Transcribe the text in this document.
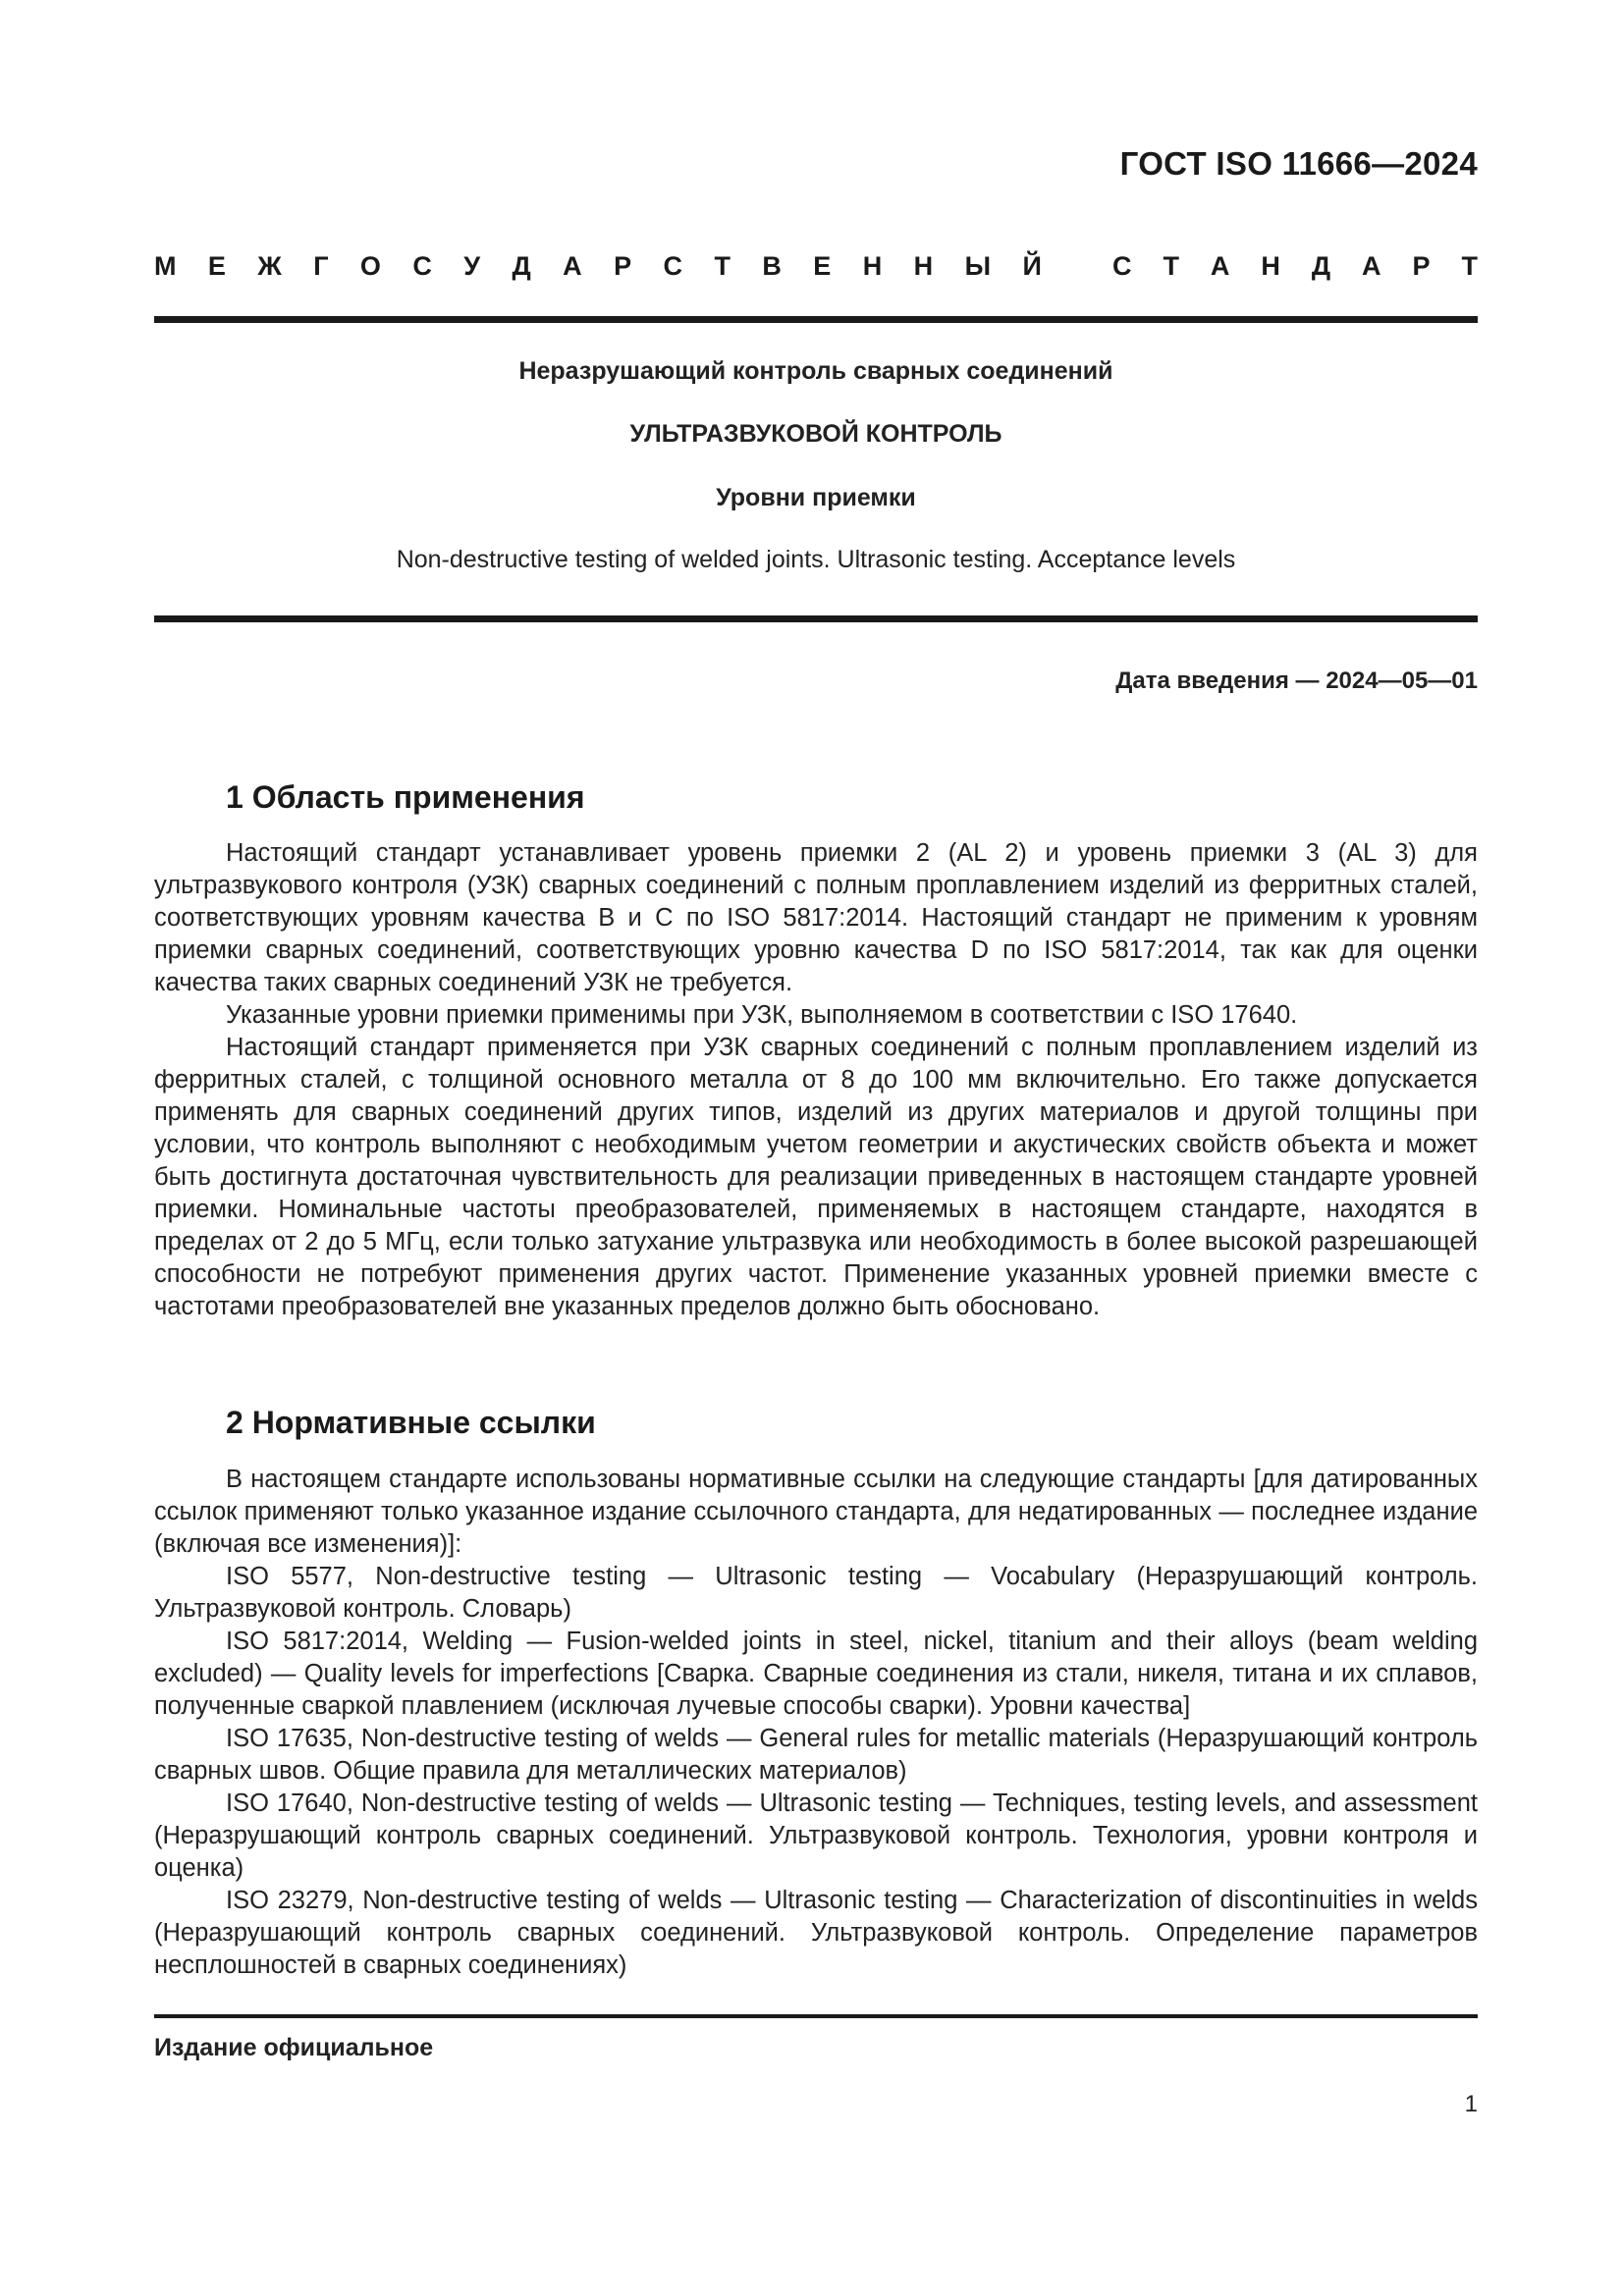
ГОСТ ISO 11666—2024
М Е Ж Г О С У Д А Р С Т В Е Н Н Ы Й	С Т А Н Д А Р Т
Неразрушающий контроль сварных соединений
УЛЬТРАЗВУКОВОЙ КОНТРОЛЬ
Уровни приемки
Non-destructive testing of welded joints. Ultrasonic testing. Acceptance levels
Дата введения — 2024—05—01
1 Область применения

Настоящий стандарт устанавливает уровень приемки 2 (AL 2) и уровень приемки 3 (AL 3) для ультразвукового контроля (УЗК) сварных соединений с полным проплавлением изделий из ферритных сталей, соответствующих уровням качества B и C по ISO 5817:2014. Настоящий стандарт не применим к уровням приемки сварных соединений, соответствующих уровню качества D по ISO 5817:2014, так как для оценки качества таких сварных соединений УЗК не требуется.

Указанные уровни приемки применимы при УЗК, выполняемом в соответствии с ISO 17640.

Настоящий стандарт применяется при УЗК сварных соединений с полным проплавлением изделий из ферритных сталей, с толщиной основного металла от 8 до 100 мм включительно. Его также допускается применять для сварных соединений других типов, изделий из других материалов и другой толщины при условии, что контроль выполняют с необходимым учетом геометрии и акустических свойств объекта и может быть достигнута достаточная чувствительность для реализации приведенных в настоящем стандарте уровней приемки. Номинальные частоты преобразователей, применяемых в настоящем стандарте, находятся в пределах от 2 до 5 МГц, если только затухание ультразвука или необходимость в более высокой разрешающей способности не потребуют применения других частот. Применение указанных уровней приемки вместе с частотами преобразователей вне указанных пределов должно быть обосновано.

2 Нормативные ссылки

В настоящем стандарте использованы нормативные ссылки на следующие стандарты [для датированных ссылок применяют только указанное издание ссылочного стандарта, для недатированных — последнее издание (включая все изменения)]:

ISO 5577, Non-destructive testing — Ultrasonic testing — Vocabulary (Неразрушающий контроль. Ультразвуковой контроль. Словарь)

ISO 5817:2014, Welding — Fusion-welded joints in steel, nickel, titanium and their alloys (beam welding excluded) — Quality levels for imperfections [Сварка. Сварные соединения из стали, никеля, титана и их сплавов, полученные сваркой плавлением (исключая лучевые способы сварки). Уровни качества]

ISO 17635, Non-destructive testing of welds — General rules for metallic materials (Неразрушающий контроль сварных швов. Общие правила для металлических материалов)

ISO 17640, Non-destructive testing of welds — Ultrasonic testing — Techniques, testing levels, and assessment (Неразрушающий контроль сварных соединений. Ультразвуковой контроль. Технология, уровни контроля и оценка)

ISO 23279, Non-destructive testing of welds — Ultrasonic testing — Characterization of discontinuities in welds (Неразрушающий контроль сварных соединений. Ультразвуковой контроль. Определение параметров несплошностей в сварных соединениях)

Издание официальное
1
